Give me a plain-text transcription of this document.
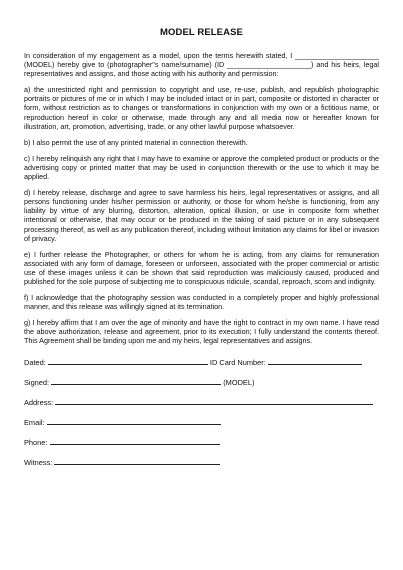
MODEL RELEASE

In consideration of my engagement as a model, upon the terms herewith stated, I _____________________ (MODEL) hereby give to (photographer"s name/surname) (ID _____________________) and his heirs, legal representatives and assigns, and those acting with his authority and permission:

a) the unrestricted right and permission to copyright and use, re-use, publish, and republish photographic portraits or pictures of me or in which I may be included intact or in part, composite or distorted in character or form, without restriction as to changes or transformations in conjunction with my own or a fictitious name, or reproduction hereof in color or otherwise, made through any and all media now or hereafter known for illustration, art, promotion, advertising, trade, or any other lawful purpose whatsoever.

b) I also permit the use of any printed material in connection therewith.

c) I hereby relinquish any right that I may have to examine or approve the completed product or products or the advertising copy or printed matter that may be used in conjunction therewith or the use to which it may be applied.

d) I hereby release, discharge and agree to save harmless his heirs, legal representatives or assigns, and all persons functioning under his/her permission or authority, or those for whom he/she is functioning, from any liability by virtue of any blurring, distortion, alteration, optical illusion, or use in composite form whether intentional or otherwise, that may occur or be produced in the taking of said picture or in any subsequent processing thereof, as well as any publication thereof, including without limitation any claims for libel or invasion of privacy.

e) I further release the Photographer, or others for whom he is acting, from any claims for remuneration associated with any form of damage, foreseen or unforseen, associated with the proper commercial or artistic use of these images unless it can be shown that said reproduction was maliciously caused, produced and published for the sole purpose of subjecting me to conspicuous ridicule, scandal, reproach, scorn and indignity.

f) I acknowledge that the photography session was conducted in a completely proper and highly professional manner, and this release was willingly signed at its termination.

g) I hereby affirm that I am over the age of minority and have the right to contract in my own name. I have read the above authorization, release and agreement, prior to its execution; I fully understand the contents thereof. This Agreement shall be binding upon me and my heirs, legal representatives and assigns.

Dated:	ID Card Number:
Signed:	(MODEL)
Address:
Email:
Phone:
Witness:
